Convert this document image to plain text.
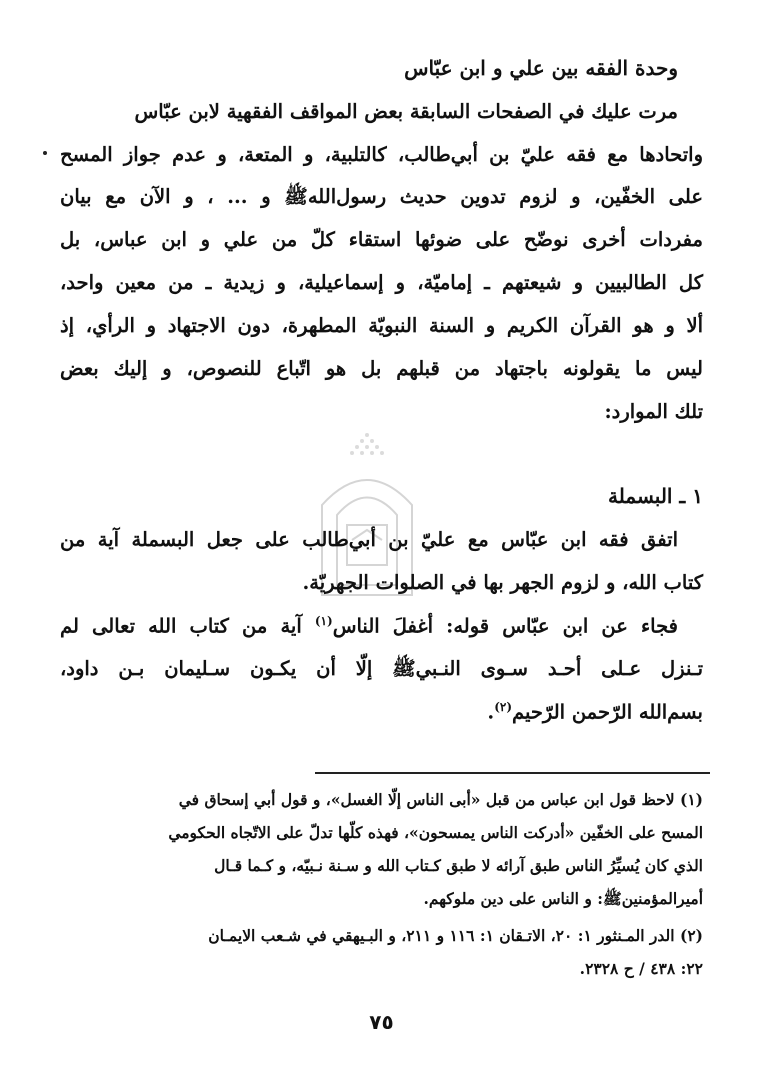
وحدة الفقه بين علي و ابن عبّاس
مرت عليك في الصفحات السابقة بعض المواقف الفقهية لابن عبّاس
واتحادها مع فقه عليّ بن أبي‌طالب، كالتلبية، و المتعة، و عدم جواز المسح
على الخفّين، و لزوم تدوين حديث رسول‌اللهﷺ و ... ، و الآن مع بيان
مفردات أخرى نوضّح على ضوئها استقاء كلّ من علي و ابن عباس، بل
كل الطالبيين و شيعتهم ـ إماميّة، و إسماعيلية، و زيدية ـ من معين واحد،
ألا و هو القرآن الكريم و السنة النبويّة المطهرة، دون الاجتهاد و الرأي، إذ
ليس ما يقولونه باجتهاد من قبلهم بل هو اتّباع للنصوص، و إليك بعض
تلك الموارد:
١ ـ البسملة
اتفق فقه ابن عبّاس مع عليّ بن أبي‌طالب على جعل البسملة آية من
كتاب الله، و لزوم الجهر بها في الصلوات الجهريّة.
فجاء عن ابن عبّاس قوله: أغفلَ الناس$^{(١)}$ آية من كتاب الله تعالى لم
تـنزل عـلى أحـد سـوى النـبيﷺ إلّا أن يكـون سـليمان بـن داود،
بسم‌الله الرّحمن الرّحيم$^{(٢)}$.
(١) لاحظ قول ابن عباس من قبل «أبى الناس إلّا الغسل»، و قول أبي إسحاق في
المسح على الخفّين «أدركت الناس يمسحون»، فهذه كلّها تدلّ على الاتّجاه الحكومي
الذي كان يُسيِّرُ الناس طبق آرائه لا طبق كـتاب الله و سـنة نـبيّه، و كـما قـال
أميرالمؤمنينﷺ: و الناس على دين ملوكهم.
(٢) الدر المـنثور ١: ٢٠، الاتـقان ١: ١١٦ و ٢١١، و البـيهقي في شـعب الايمـان
٢٢: ٤٣٨ / ح ٢٣٢٨.
٧٥
